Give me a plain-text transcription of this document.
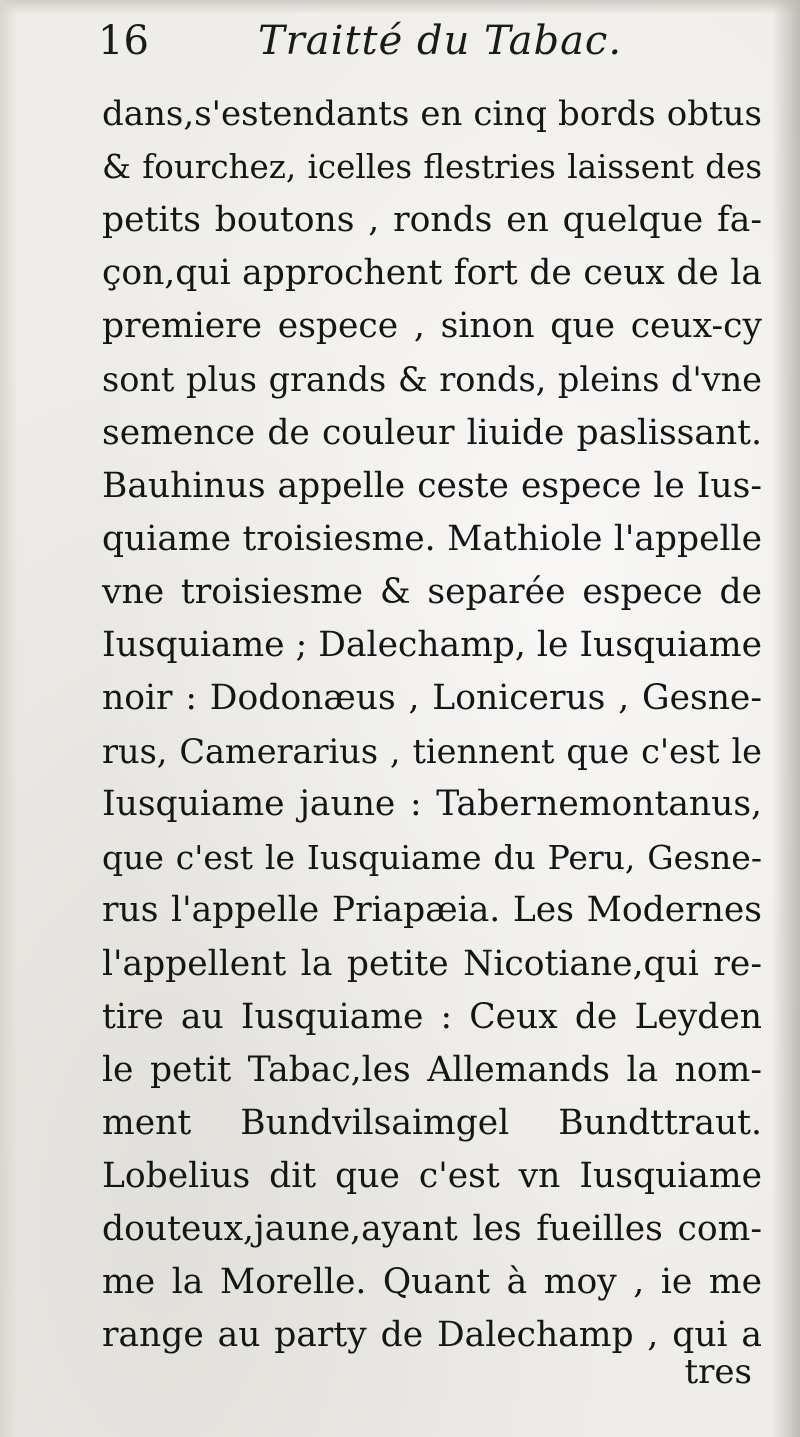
16	Traitté du Tabac.
dans,s'estendants en cinq bords obtus
& fourchez, icelles flestries laissent des
petits boutons , ronds en quelque fa-
çon,qui approchent fort de ceux de la
premiere espece , sinon que ceux-cy
sont plus grands & ronds, pleins d'vne
semence de couleur liuide paslissant.
Bauhinus appelle ceste espece le Ius-
quiame troisiesme. Mathiole l'appelle
vne troisiesme & separée espece de
Iusquiame ; Dalechamp, le Iusquiame
noir : Dodonæus , Lonicerus , Gesne-
rus, Camerarius , tiennent que c'est le
Iusquiame jaune : Tabernemontanus,
que c'est le Iusquiame du Peru, Gesne-
rus l'appelle Priapæia. Les Modernes
l'appellent la petite Nicotiane,qui re-
tire au Iusquiame : Ceux de Leyden
le petit Tabac,les Allemands la nom-
ment Bundvilsaimgel Bundttraut.
Lobelius dit que c'est vn Iusquiame
douteux,jaune,ayant les fueilles com-
me la Morelle. Quant à moy , ie me
range au party de Dalechamp , qui a
tres
